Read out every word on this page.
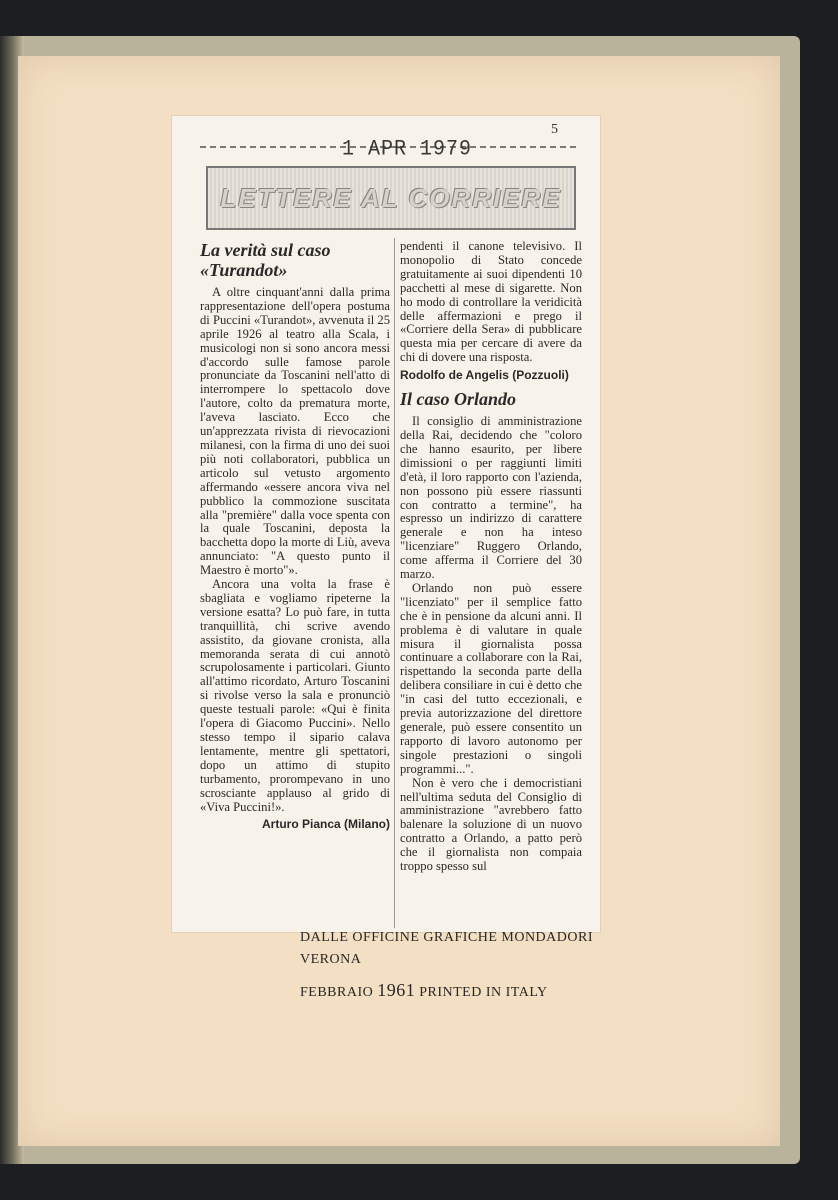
5
1 APR 1979
LETTERE AL CORRIERE
La verità sul caso «Turandot»

A oltre cinquant'anni dalla prima rappresentazione dell'opera postuma di Puccini «Turandot», avvenuta il 25 aprile 1926 al teatro alla Scala, i musicologi non si sono ancora messi d'accordo sulle famose parole pronunciate da Toscanini nell'atto di interrompere lo spettacolo dove l'autore, colto da prematura morte, l'aveva lasciato. Ecco che un'apprezzata rivista di rievocazioni milanesi, con la firma di uno dei suoi più noti collaboratori, pubblica un articolo sul vetusto argomento affermando «essere ancora viva nel pubblico la commozione suscitata alla "première" dalla voce spenta con la quale Toscanini, deposta la bacchetta dopo la morte di Liù, aveva annunciato: "A questo punto il Maestro è morto"».

Ancora una volta la frase è sbagliata e vogliamo ripeterne la versione esatta? Lo può fare, in tutta tranquillità, chi scrive avendo assistito, da giovane cronista, alla memoranda serata di cui annotò scrupolosamente i particolari. Giunto all'attimo ricordato, Arturo Toscanini si rivolse verso la sala e pronunciò queste testuali parole: «Qui è finita l'opera di Giacomo Puccini». Nello stesso tempo il sipario calava lentamente, mentre gli spettatori, dopo un attimo di stupito turbamento, prorompevano in uno scrosciante applauso al grido di «Viva Puccini!».

Arturo Pianca (Milano)

pendenti il canone televisivo. Il monopolio di Stato concede gratuitamente ai suoi dipendenti 10 pacchetti al mese di sigarette. Non ho modo di controllare la veridicità delle affermazioni e prego il «Corriere della Sera» di pubblicare questa mia per cercare di avere da chi di dovere una risposta.

Rodolfo de Angelis (Pozzuoli)
Il caso Orlando

Il consiglio di amministrazione della Rai, decidendo che "coloro che hanno esaurito, per libere dimissioni o per raggiunti limiti d'età, il loro rapporto con l'azienda, non possono più essere riassunti con contratto a termine", ha espresso un indirizzo di carattere generale e non ha inteso "licenziare" Ruggero Orlando, come afferma il Corriere del 30 marzo.

Orlando non può essere "licenziato" per il semplice fatto che è in pensione da alcuni anni. Il problema è di valutare in quale misura il giornalista possa continuare a collaborare con la Rai, rispettando la seconda parte della delibera consiliare in cui è detto che "in casi del tutto eccezionali, e previa autorizzazione del direttore generale, può essere consentito un rapporto di lavoro autonomo per singole prestazioni o singoli programmi...".

Non è vero che i democristiani nell'ultima seduta del Consiglio di amministrazione "avrebbero fatto balenare la soluzione di un nuovo contratto a Orlando, a patto però che il giornalista non compaia troppo spesso sul

DALLE OFFICINE GRAFICHE MONDADORI
VERONA
FEBBRAIO 1961 PRINTED IN ITALY
